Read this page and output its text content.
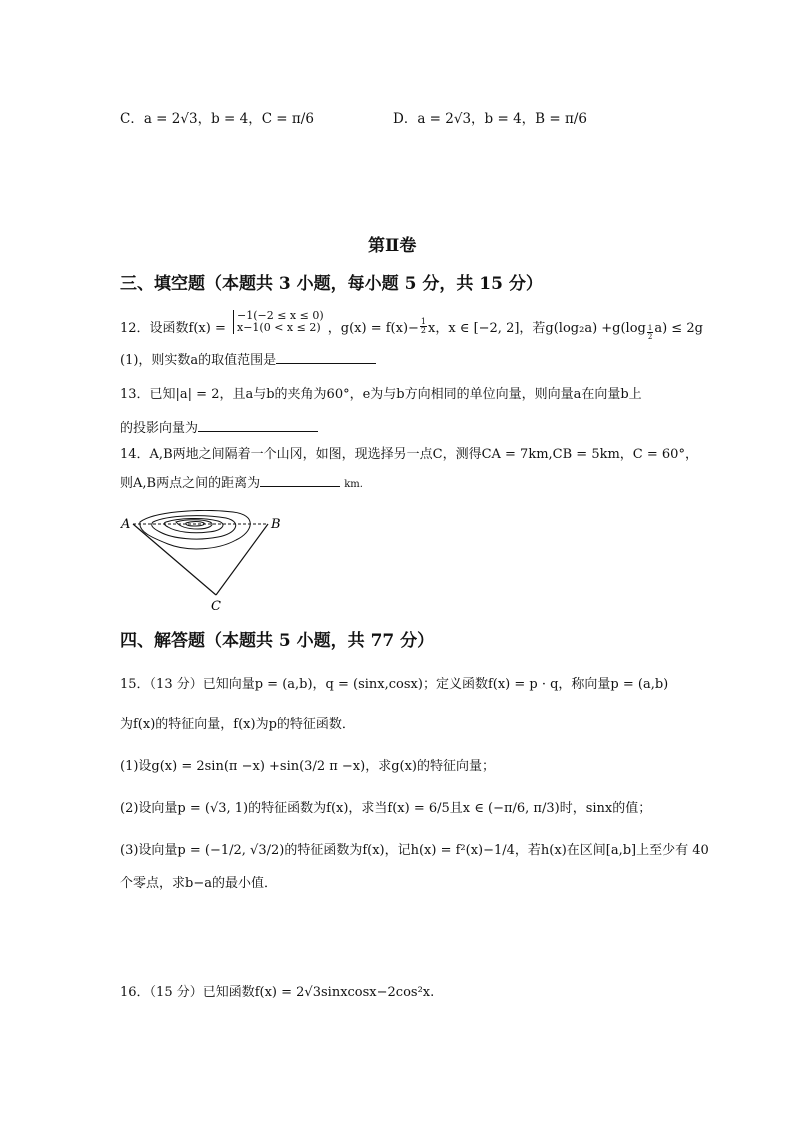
C．a = 2√3，b = 4，C = π/6	D．a = 2√3，b = 4，B = π/6
第Ⅱ卷
三、填空题（本题共 3 小题，每小题 5 分，共 15 分）
12．设函数f(x) =
−1(−2 ≤ x ≤ 0)
x−1(0 < x ≤ 2) ，$g(x) = f(x)- \frac{1}{2}$ x，x ∈ [−2, 2]，若$g(\log_2a) +g(\log \frac{1}{2} a) \le 2g$
(1)，则实数a的取值范围是
13．已知|a| = 2，且a与b的夹角为60°，e为与b方向相同的单位向量，则向量a在向量b上
的投影向量为
14．A,B两地之间隔着一个山冈，如图，现选择另一点C，测得CA = 7km,CB = 5km，C = 60°，
则A,B两点之间的距离为	km.
A	B
C
四、解答题（本题共 5 小题，共 77 分）
15．（13 分）已知向量p = (a,b)，q = (sinx,cosx)；定义函数f(x) = p · q，称向量p = (a,b)
为f(x)的特征向量，f(x)为p的特征函数．
(1)设g(x) = 2sin(π −x) +sin(3/2 π −x)，求g(x)的特征向量；
(2)设向量p = (√3, 1)的特征函数为f(x)，求当f(x) = 6/5且x ∈ (−π/6, π/3)时，sinx的值；
(3)设向量p = (−1/2, √3/2)的特征函数为f(x)，记h(x) = f²(x)−1/4，若h(x)在区间[a,b]上至少有 40
个零点，求b−a的最小值．
16．（15 分）已知函数f(x) = 2√3sinxcosx−2cos²x.
